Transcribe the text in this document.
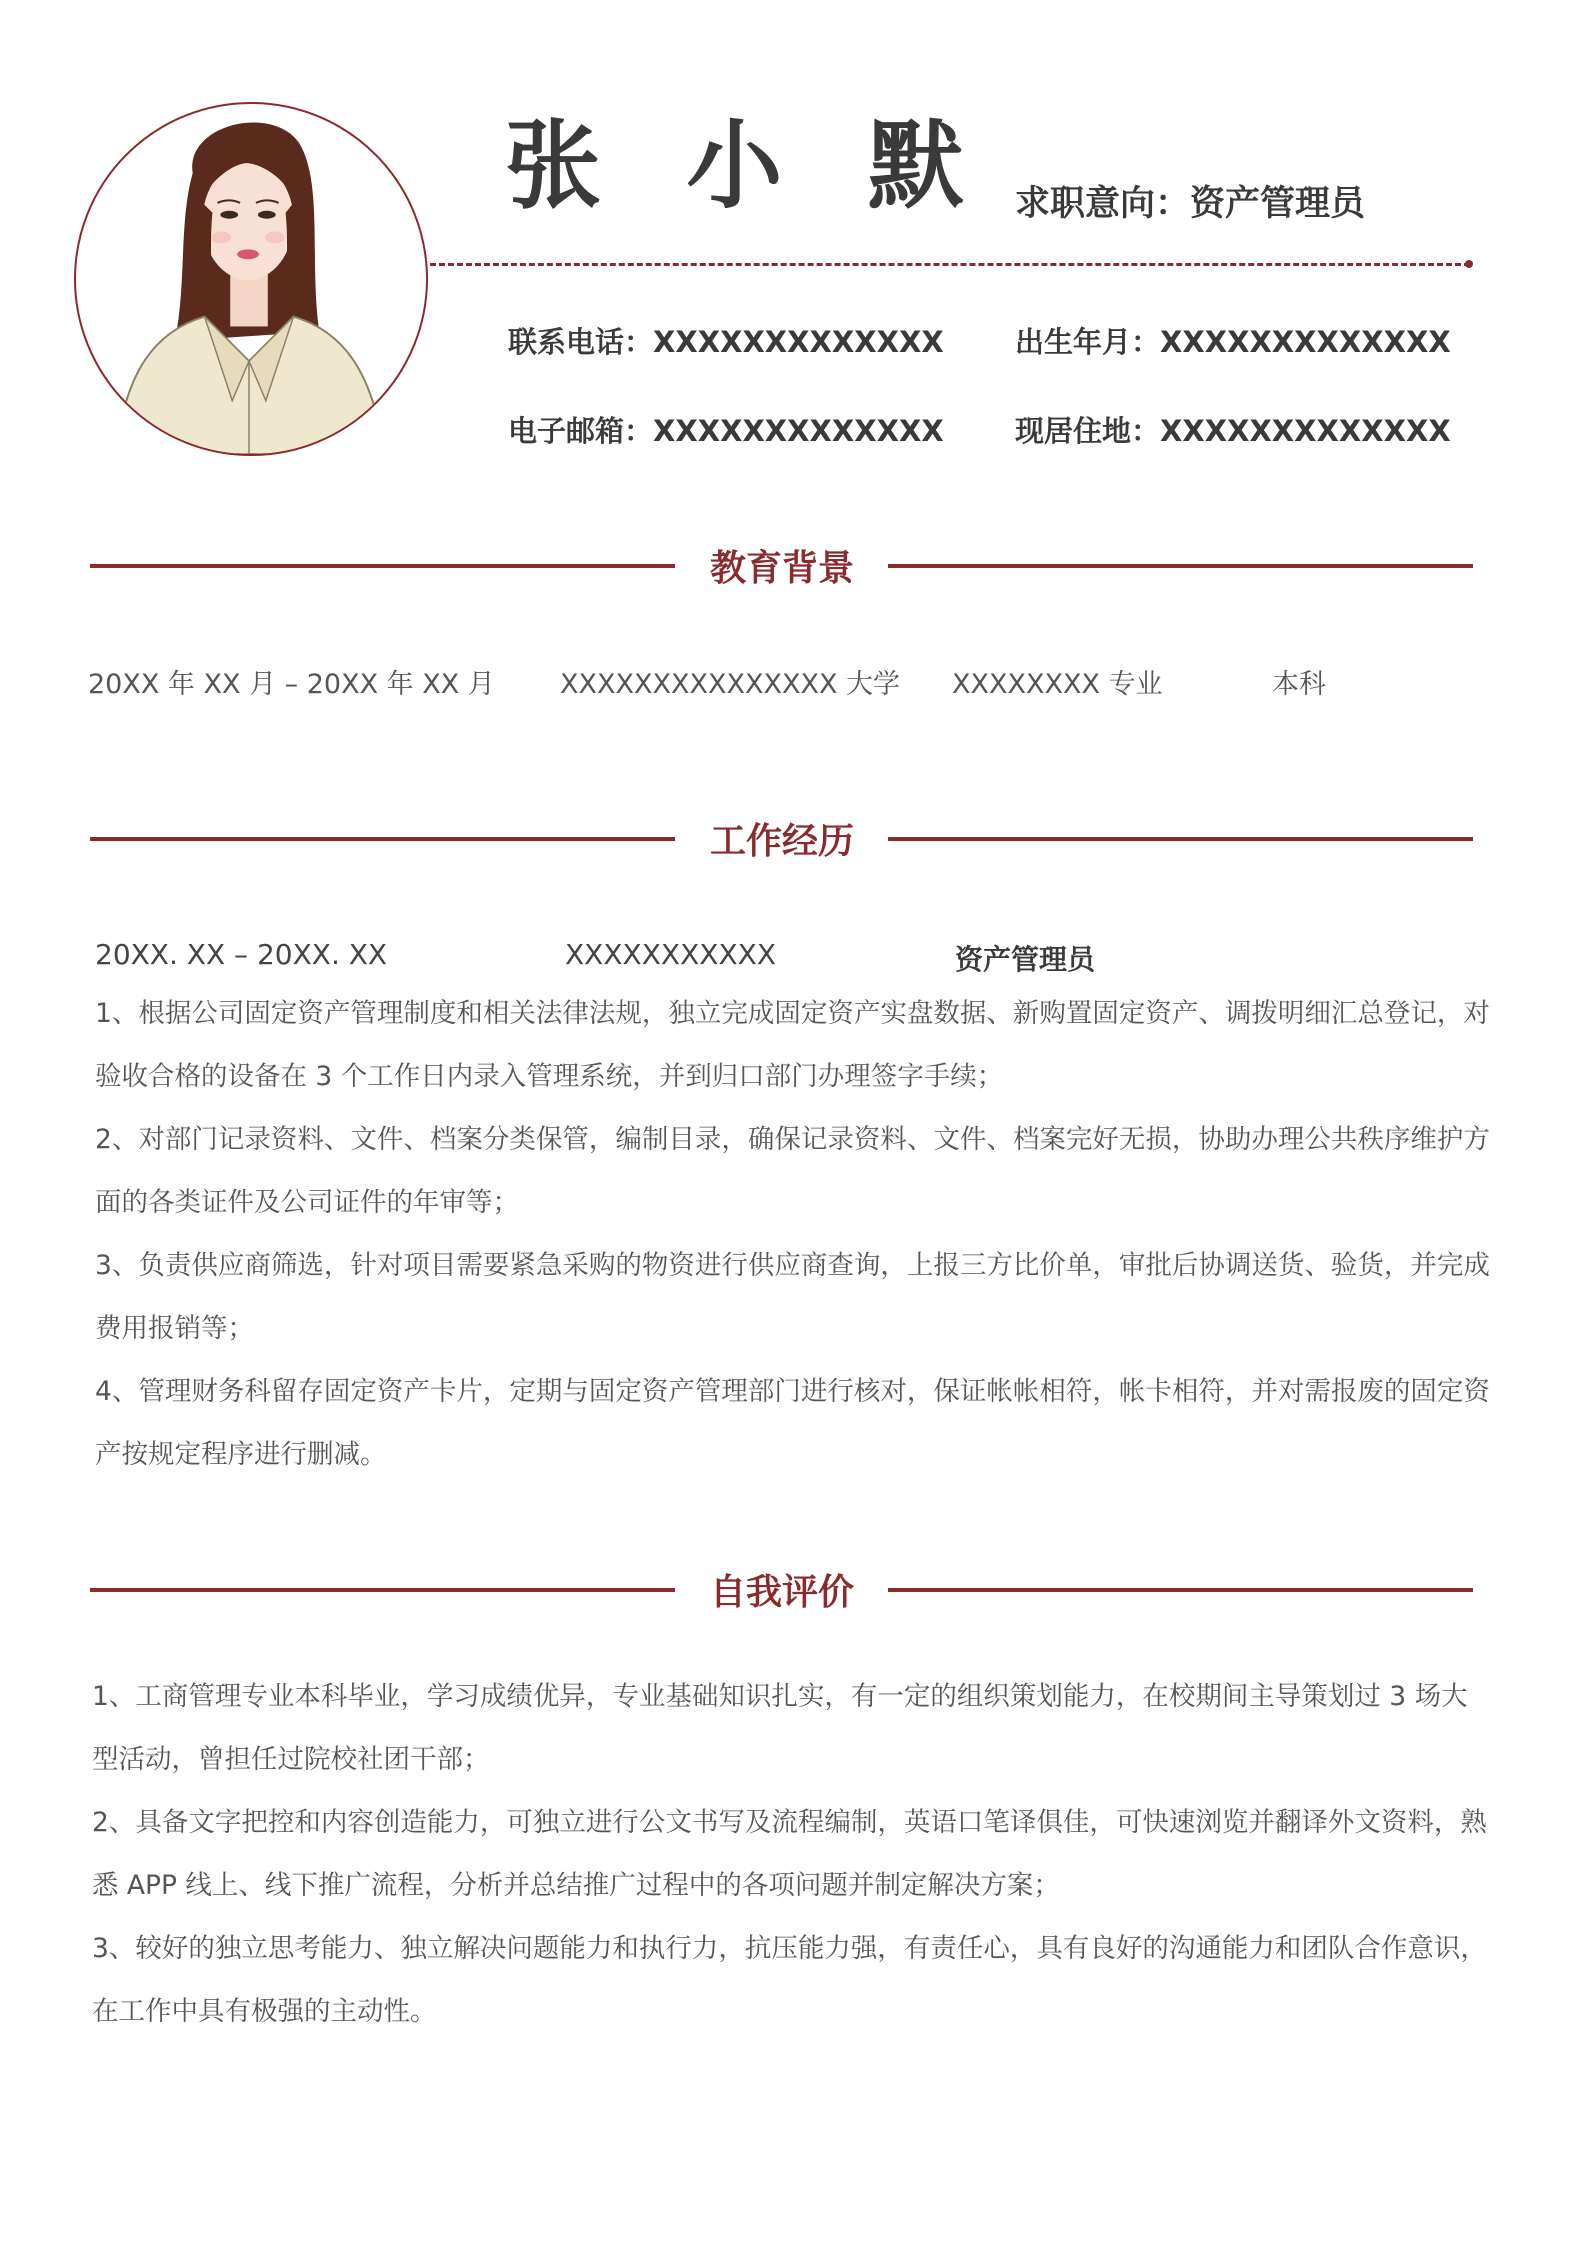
张 小 默 求职意向：资产管理员
联系电话：XXXXXXXXXXXXX 出生年月：XXXXXXXXXXXXX
电子邮箱：XXXXXXXXXXXXX 现居住地：XXXXXXXXXXXXX
教育背景
20XX 年 XX 月 – 20XX 年 XX 月 XXXXXXXXXXXXXXX 大学 XXXXXXXX 专业	本科
工作经历
20XX. XX – 20XX. XX	XXXXXXXXXXX	资产管理员
1、根据公司固定资产管理制度和相关法律法规，独立完成固定资产实盘数据、新购置固定资产、调拨明细汇总登记，对验收合格的设备在 3 个工作日内录入管理系统，并到归口部门办理签字手续；
2、对部门记录资料、文件、档案分类保管，编制目录，确保记录资料、文件、档案完好无损，协助办理公共秩序维护方面的各类证件及公司证件的年审等；
3、负责供应商筛选，针对项目需要紧急采购的物资进行供应商查询，上报三方比价单，审批后协调送货、验货，并完成费用报销等；
4、管理财务科留存固定资产卡片，定期与固定资产管理部门进行核对，保证帐帐相符，帐卡相符，并对需报废的固定资产按规定程序进行删减。
自我评价
1、工商管理专业本科毕业，学习成绩优异，专业基础知识扎实，有一定的组织策划能力，在校期间主导策划过 3 场大型活动，曾担任过院校社团干部；
2、具备文字把控和内容创造能力，可独立进行公文书写及流程编制，英语口笔译俱佳，可快速浏览并翻译外文资料，熟悉 APP 线上、线下推广流程，分析并总结推广过程中的各项问题并制定解决方案；
3、较好的独立思考能力、独立解决问题能力和执行力，抗压能力强，有责任心，具有良好的沟通能力和团队合作意识，在工作中具有极强的主动性。
